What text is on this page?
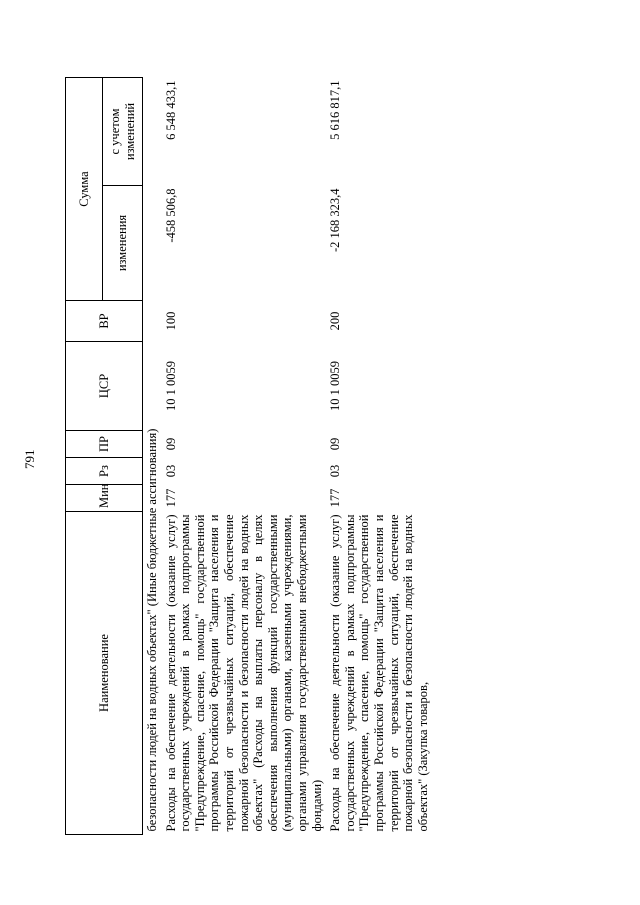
791
Наименование	Мин	Рз	ПР	ЦСР	ВР	Сумма	
						изменения	с учетом изменений
безопасности людей на водных объектах" (Иные бюджетные ассигнования)							
Расходы на обеспечение деятельности (оказание услуг) государственных учреждений в рамках подпрограммы "Предупреждение, спасение, помощь" государственной программы Российской Федерации "Защита населения и территорий от чрезвычайных ситуаций, обеспечение пожарной безопасности и безопасности людей на водных объектах" (Расходы на выплаты персоналу в целях обеспечения выполнения функций государственными (муниципальными) органами, казенными учреждениями, органами управления государственными внебюджетными фондами)	177	03	09	10 1 0059	100	-458 506,8	6 548 433,1
Расходы на обеспечение деятельности (оказание услуг) государственных учреждений в рамках подпрограммы "Предупреждение, спасение, помощь" государственной программы Российской Федерации "Защита населения и территорий от чрезвычайных ситуаций, обеспечение пожарной безопасности и безопасности людей на водных объектах" (Закупка товаров,	177	03	09	10 1 0059	200	-2 168 323,4	5 616 817,1
